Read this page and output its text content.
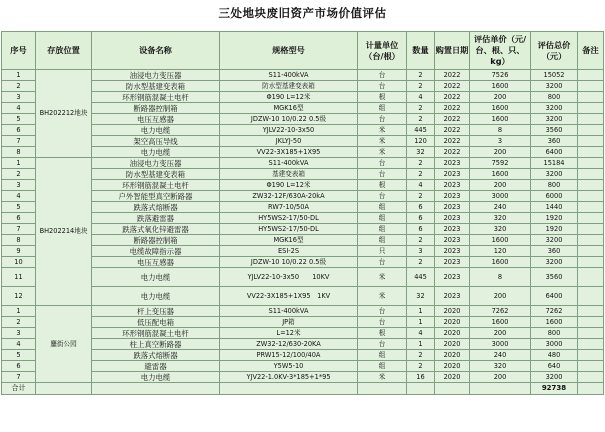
三处地块废旧资产市场价值评估
序号	存放位置	设备名称	规格型号	计量单位（台/根）	数量	购置日期	评估单价（元/台、根、只、kg）	评估总价（元）	备注
1	BH202212地块	油浸电力变压器	S11-400kVA	台	2	2022	7526	15052	
2		防水型基建变表箱	防水型基建变表箱	台	2	2022	1600	3200	
3		环形钢筋混凝土电杆	Φ190 L=12米	根	4	2022	200	800	
4		断路器控制箱	MGK16型	组	2	2022	1600	3200	
5		电压互感器	JDZW-10 10/0.22 0.5级	台	2	2022	1600	3200	
6		电力电缆	YJLV22-10-3x50	米	445	2022	8	3560	
7		架空高压导线	JKLYJ-50	米	120	2022	3	360	
8		电力电缆	VV22-3X185+1X95	米	32	2022	200	6400	
1	BH202214地块	油浸电力变压器	S11-400kVA	台	2	2023	7592	15184	
2		防水型基建变表箱	基建变表箱	台	2	2023	1600	3200	
3		环形钢筋混凝土电杆	Φ190 L=12米	根	4	2023	200	800	
4		户外智能型真空断路器	ZW32-12F/630A-20kA	台	2	2023	3000	6000	
5		跌落式熔断器	RW7-10/50A	组	6	2023	240	1440	
6		跌落避雷器	HY5WS2-17/50-DL	组	6	2023	320	1920	
7		跌落式氧化锌避雷器	HY5WS2-17/50-DL	组	6	2023	320	1920	
8		断路器控制箱	MGK16型	组	2	2023	1600	3200	
9		电缆故障指示器	ESI-2S	只	3	2023	120	360	
10		电压互感器	JDZW-10 10/0.22 0.5级	台	2	2023	1600	3200	
11		电力电缆	YJLV22-10-3x50　　10KV	米	445	2023	8	3560	
12		电力电缆	VV22-3X185+1X95　1KV	米	32	2023	200	6400	
1	鏖街公园	杆上变压器	S11-400kVA	台	1	2020	7262	7262	
2		低压配电箱	JP箱	台	1	2020	1600	1600	
3		环形钢筋混凝土电杆	L=12米	根	4	2020	200	800	
4		柱上真空断路器	ZW32-12/630-20KA	台	1	2020	3000	3000	
5		跌落式熔断器	PRW15-12/100/40A	组	2	2020	240	480	
6		避雷器	Y5W5-10	组	2	2020	320	640	
7		电力电缆	YJV22-1.0KV-3*185+1*95	米	16	2020	200	3200	
合计								92738	
